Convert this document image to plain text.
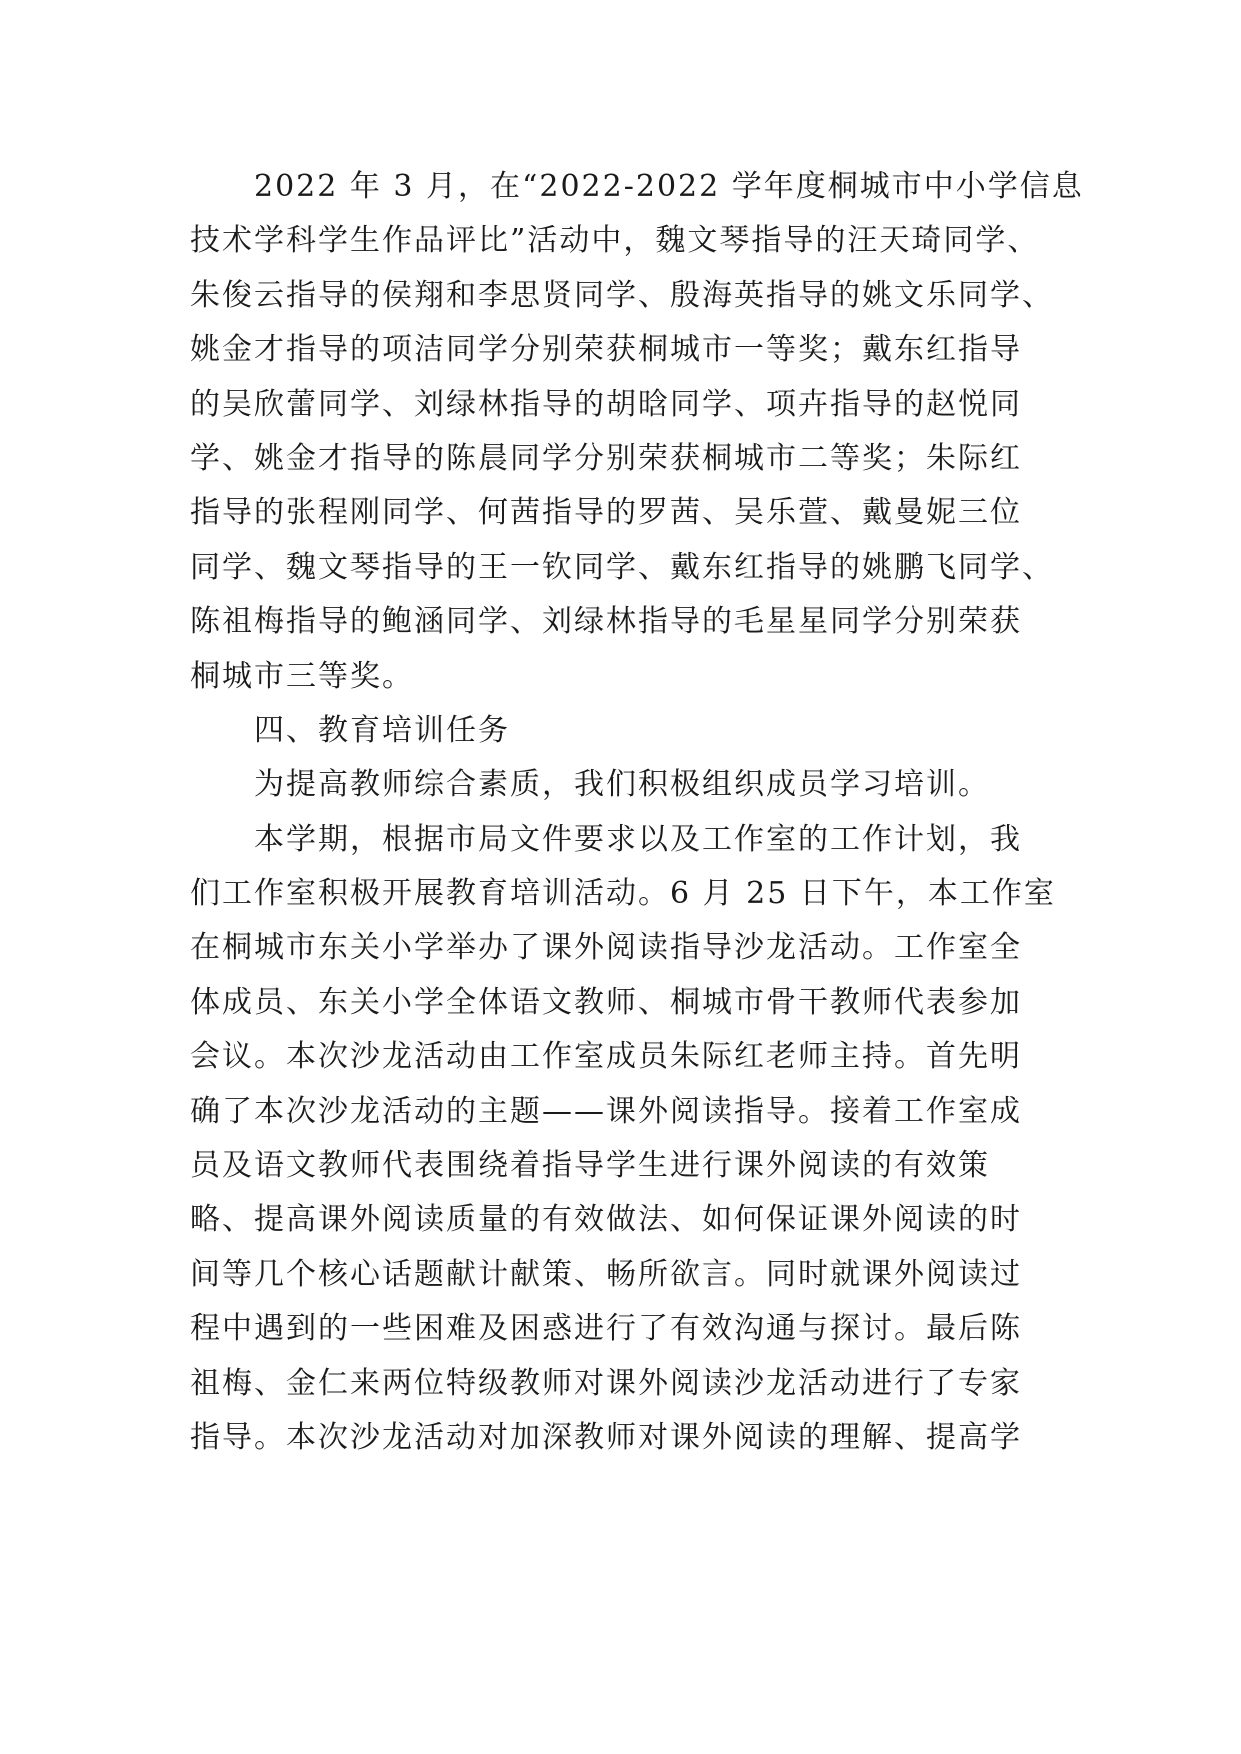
2022 年 3 月，在“2022-2022 学年度桐城市中小学信息
技术学科学生作品评比”活动中，魏文琴指导的汪天琦同学、
朱俊云指导的侯翔和李思贤同学、殷海英指导的姚文乐同学、
姚金才指导的项洁同学分别荣获桐城市一等奖；戴东红指导
的吴欣蕾同学、刘绿林指导的胡晗同学、项卉指导的赵悦同
学、姚金才指导的陈晨同学分别荣获桐城市二等奖；朱际红
指导的张程刚同学、何茜指导的罗茜、吴乐萱、戴曼妮三位
同学、魏文琴指导的王一钦同学、戴东红指导的姚鹏飞同学、
陈祖梅指导的鲍涵同学、刘绿林指导的毛星星同学分别荣获
桐城市三等奖。
四、教育培训任务
为提高教师综合素质，我们积极组织成员学习培训。
本学期，根据市局文件要求以及工作室的工作计划，我
们工作室积极开展教育培训活动。6 月 25 日下午，本工作室
在桐城市东关小学举办了课外阅读指导沙龙活动。工作室全
体成员、东关小学全体语文教师、桐城市骨干教师代表参加
会议。本次沙龙活动由工作室成员朱际红老师主持。首先明
确了本次沙龙活动的主题——课外阅读指导。接着工作室成
员及语文教师代表围绕着指导学生进行课外阅读的有效策
略、提高课外阅读质量的有效做法、如何保证课外阅读的时
间等几个核心话题献计献策、畅所欲言。同时就课外阅读过
程中遇到的一些困难及困惑进行了有效沟通与探讨。最后陈
祖梅、金仁来两位特级教师对课外阅读沙龙活动进行了专家
指导。本次沙龙活动对加深教师对课外阅读的理解、提高学
